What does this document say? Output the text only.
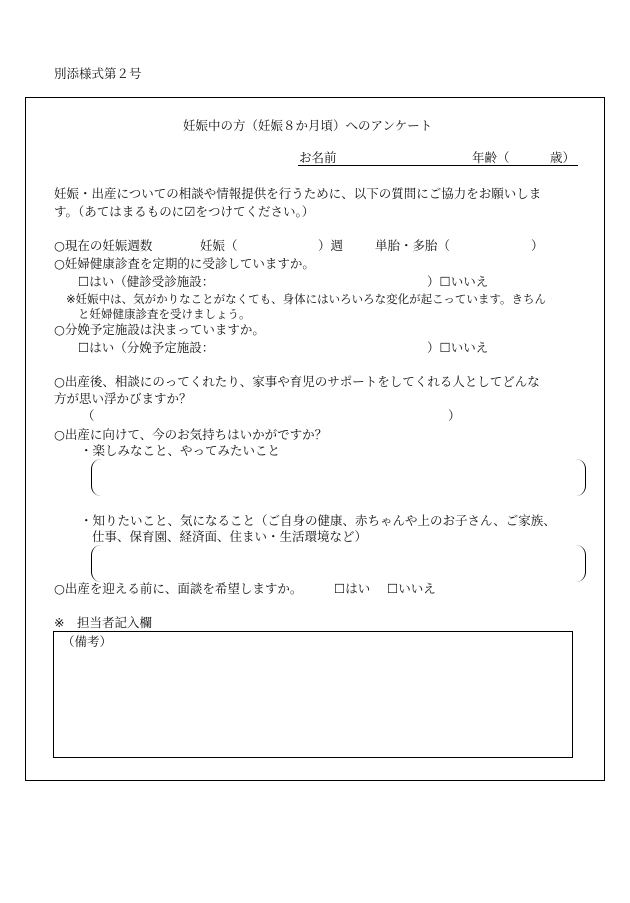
別添様式第２号
妊娠中の方（妊娠８か月頃）へのアンケート
お名前	年齢（	歳）
妊娠・出産についての相談や情報提供を行うために、以下の質問にご協力をお願いしま
す。（あてはまるものに☑をつけてください。）
○現在の妊娠週数	妊娠（	）週	単胎・多胎（	）
○妊婦健康診査を定期的に受診していますか。
☐はい（健診受診施設：	）☐いいえ
※妊娠中は、気がかりなことがなくても、身体にはいろいろな変化が起こっています。きちん
と妊婦健康診査を受けましょう。
○分娩予定施設は決まっていますか。
☐はい（分娩予定施設：	）☐いいえ
○出産後、相談にのってくれたり、家事や育児のサポートをしてくれる人としてどんな
方が思い浮かびますか？
（	）
○出産に向けて、今のお気持ちはいかがですか？
・楽しみなこと、やってみたいこと
・知りたいこと、気になること（ご自身の健康、赤ちゃんや上のお子さん、ご家族、
仕事、保育園、経済面、住まい・生活環境など）
○出産を迎える前に、面談を希望しますか。	☐はい ☐いいえ
※　担当者記入欄
（備考）
